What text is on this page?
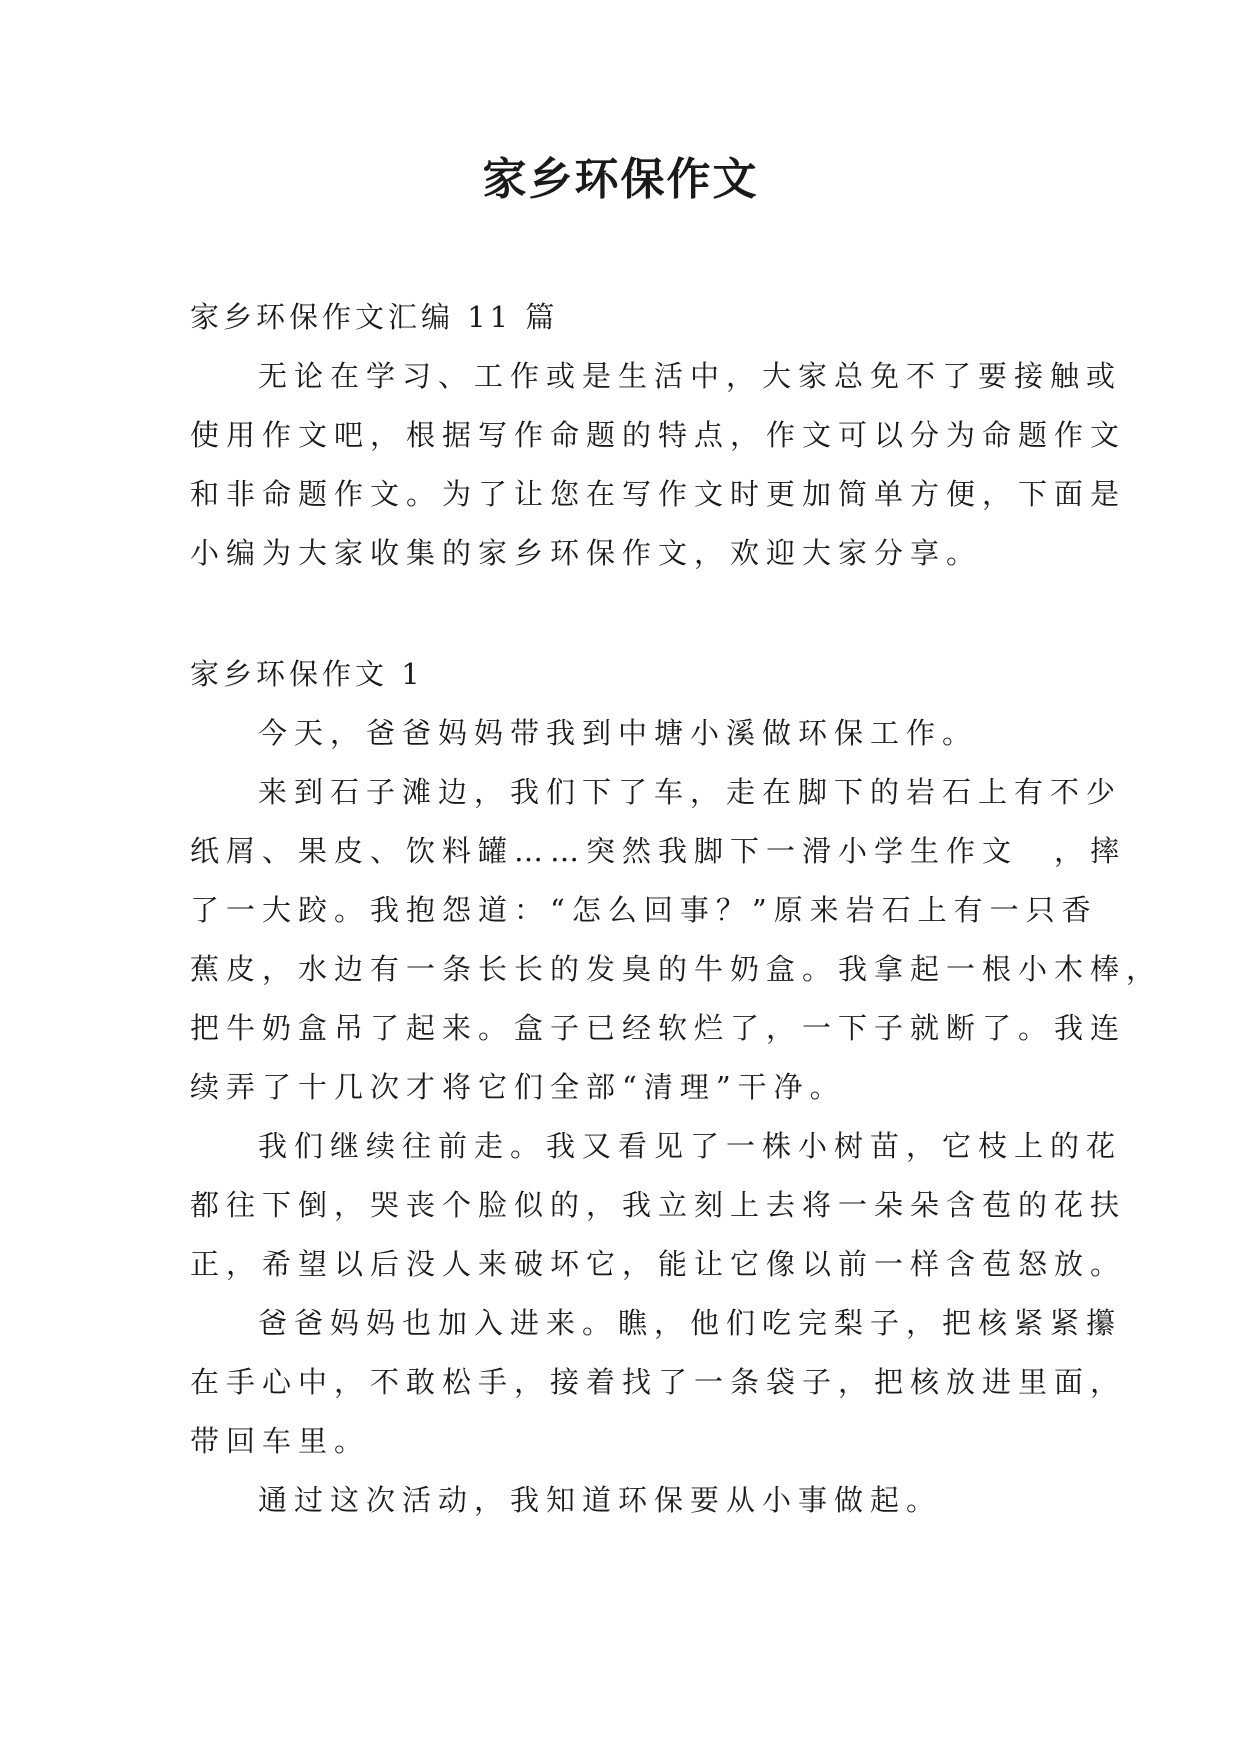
家乡环保作文
家乡环保作文汇编 11 篇
无论在学习、工作或是生活中，大家总免不了要接触或
使用作文吧，根据写作命题的特点，作文可以分为命题作文
和非命题作文。为了让您在写作文时更加简单方便，下面是
小编为大家收集的家乡环保作文，欢迎大家分享。
家乡环保作文 1
今天，爸爸妈妈带我到中塘小溪做环保工作。
来到石子滩边，我们下了车，走在脚下的岩石上有不少
纸屑、果皮、饮料罐……突然我脚下一滑小学生作文　，摔
了一大跤。我抱怨道：“怎么回事？”原来岩石上有一只香
蕉皮，水边有一条长长的发臭的牛奶盒。我拿起一根小木棒，
把牛奶盒吊了起来。盒子已经软烂了，一下子就断了。我连
续弄了十几次才将它们全部“清理”干净。
我们继续往前走。我又看见了一株小树苗，它枝上的花
都往下倒，哭丧个脸似的，我立刻上去将一朵朵含苞的花扶
正，希望以后没人来破坏它，能让它像以前一样含苞怒放。
爸爸妈妈也加入进来。瞧，他们吃完梨子，把核紧紧攥
在手心中，不敢松手，接着找了一条袋子，把核放进里面，
带回车里。
通过这次活动，我知道环保要从小事做起。
